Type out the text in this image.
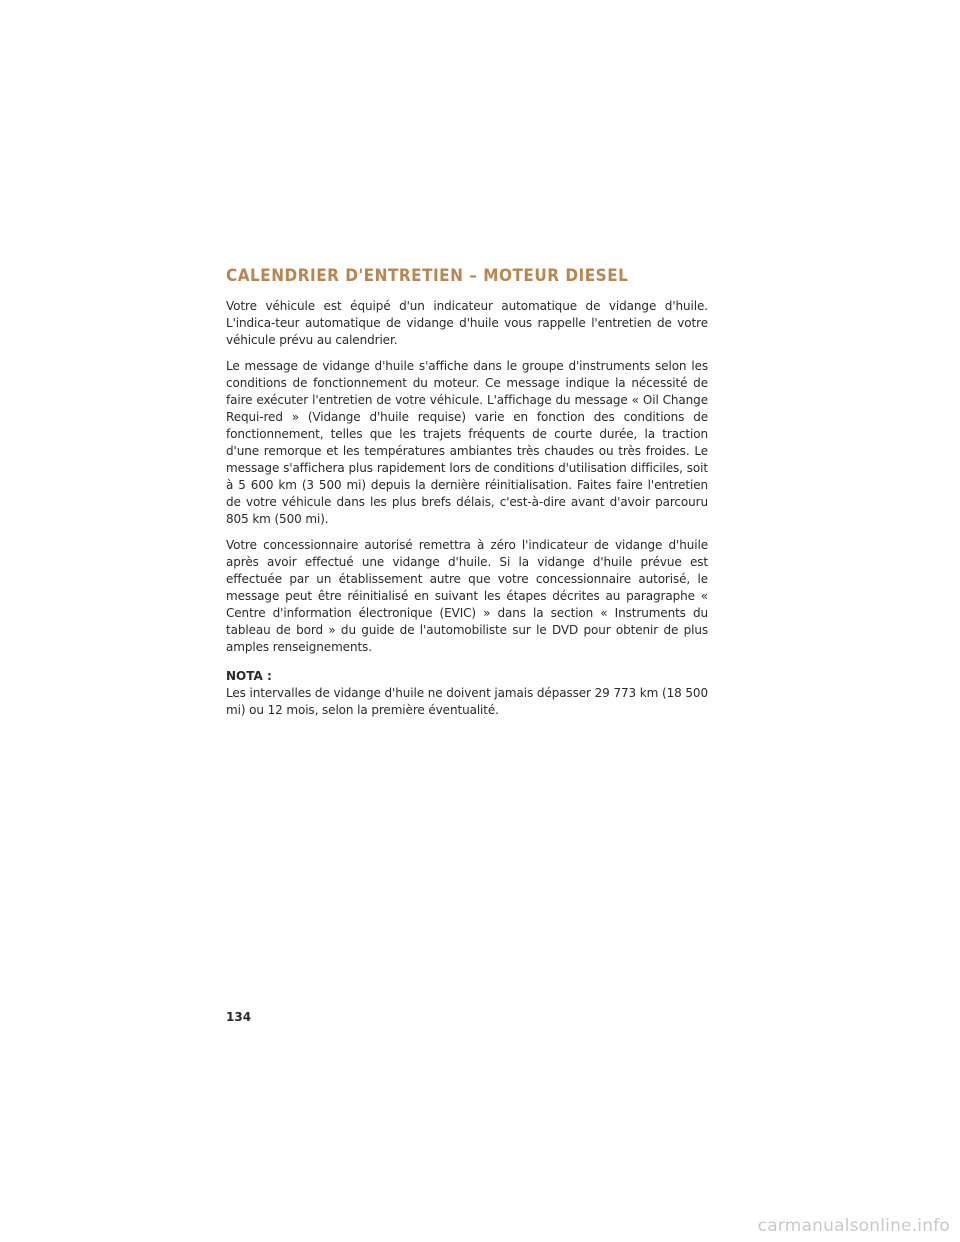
CALENDRIER D'ENTRETIEN – MOTEUR DIESEL

Votre véhicule est équipé d'un indicateur automatique de vidange d'huile. L'indica-teur automatique de vidange d'huile vous rappelle l'entretien de votre véhicule prévu au calendrier.

Le message de vidange d'huile s'affiche dans le groupe d'instruments selon les conditions de fonctionnement du moteur. Ce message indique la nécessité de faire exécuter l'entretien de votre véhicule. L'affichage du message « Oil Change Requi-red » (Vidange d'huile requise) varie en fonction des conditions de fonctionnement, telles que les trajets fréquents de courte durée, la traction d'une remorque et les températures ambiantes très chaudes ou très froides. Le message s'affichera plus rapidement lors de conditions d'utilisation difficiles, soit à 5 600 km (3 500 mi) depuis la dernière réinitialisation. Faites faire l'entretien de votre véhicule dans les plus brefs délais, c'est-à-dire avant d'avoir parcouru 805 km (500 mi).

Votre concessionnaire autorisé remettra à zéro l'indicateur de vidange d'huile après avoir effectué une vidange d'huile. Si la vidange d'huile prévue est effectuée par un établissement autre que votre concessionnaire autorisé, le message peut être réinitialisé en suivant les étapes décrites au paragraphe « Centre d'information électronique (EVIC) » dans la section « Instruments du tableau de bord » du guide de l'automobiliste sur le DVD pour obtenir de plus amples renseignements.

NOTA :

Les intervalles de vidange d'huile ne doivent jamais dépasser 29 773 km (18 500 mi) ou 12 mois, selon la première éventualité.

134
carmanualsonline.info
